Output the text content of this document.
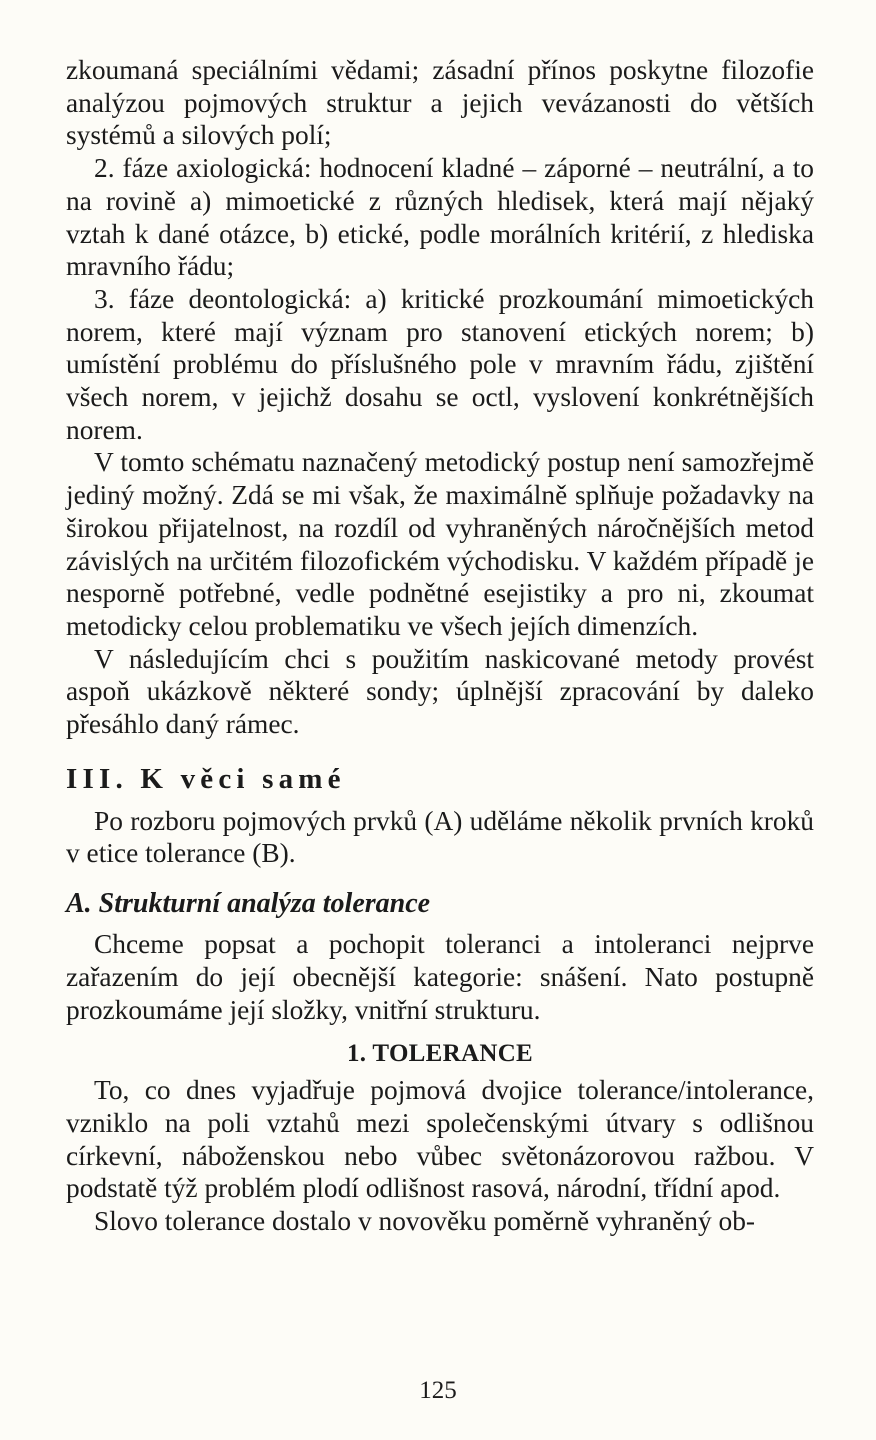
zkoumaná speciálními vědami; zásadní přínos poskytne filozofie analýzou pojmových struktur a jejich vevázanosti do větších systémů a silových polí;

2. fáze axiologická: hodnocení kladné – záporné – neutrální, a to na rovině a) mimoetické z různých hledisek, která mají nějaký vztah k dané otázce, b) etické, podle morálních kritérií, z hlediska mravního řádu;

3. fáze deontologická: a) kritické prozkoumání mimoetických norem, které mají význam pro stanovení etických norem; b) umístění problému do příslušného pole v mravním řádu, zjištění všech norem, v jejichž dosahu se octl, vyslovení konkrétnějších norem.

V tomto schématu naznačený metodický postup není samozřejmě jediný možný. Zdá se mi však, že maximálně splňuje požadavky na širokou přijatelnost, na rozdíl od vyhraněných náročnějších metod závislých na určitém filozofickém východisku. V každém případě je nesporně potřebné, vedle podnětné esejistiky a pro ni, zkoumat metodicky celou problematiku ve všech jejích dimenzích.

V následujícím chci s použitím naskicované metody provést aspoň ukázkově některé sondy; úplnější zpracování by daleko přesáhlo daný rámec.

III. K věci samé

Po rozboru pojmových prvků (A) uděláme několik prvních kroků v etice tolerance (B).

A. Strukturní analýza tolerance

Chceme popsat a pochopit toleranci a intoleranci nejprve zařazením do její obecnější kategorie: snášení. Nato postupně prozkoumáme její složky, vnitřní strukturu.

1. TOLERANCE

To, co dnes vyjadřuje pojmová dvojice tolerance/intolerance, vzniklo na poli vztahů mezi společenskými útvary s odlišnou církevní, náboženskou nebo vůbec světonázorovou ražbou. V podstatě týž problém plodí odlišnost rasová, národní, třídní apod.

Slovo tolerance dostalo v novověku poměrně vyhraněný ob-

125
